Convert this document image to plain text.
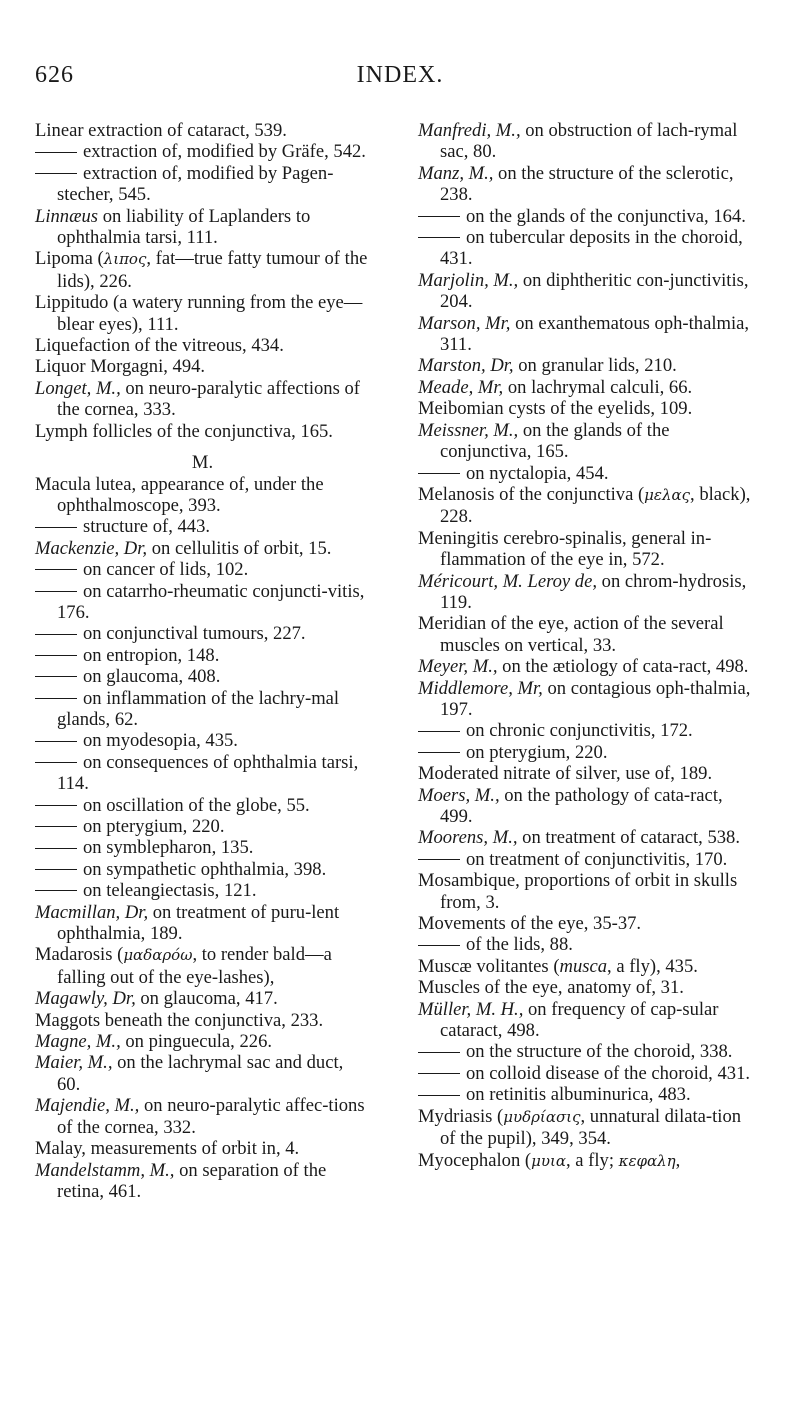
626	INDEX.

Linear extraction of cataract, 539.

extraction of, modified by Gräfe, 542.

extraction of, modified by Pagen-stecher, 545.

Linnæus on liability of Laplanders to ophthalmia tarsi, 111.

Lipoma (λιπος, fat—true fatty tumour of the lids), 226.

Lippitudo (a watery running from the eye—blear eyes), 111.

Liquefaction of the vitreous, 434.

Liquor Morgagni, 494.

Longet, M., on neuro-paralytic affections of the cornea, 333.

Lymph follicles of the conjunctiva, 165.

M.

Macula lutea, appearance of, under the ophthalmoscope, 393.

structure of, 443.

Mackenzie, Dr, on cellulitis of orbit, 15.

on cancer of lids, 102.

on catarrho-rheumatic conjuncti-vitis, 176.

on conjunctival tumours, 227.

on entropion, 148.

on glaucoma, 408.

on inflammation of the lachry-mal glands, 62.

on myodesopia, 435.

on consequences of ophthalmia tarsi, 114.

on oscillation of the globe, 55.

on pterygium, 220.

on symblepharon, 135.

on sympathetic ophthalmia, 398.

on teleangiectasis, 121.

Macmillan, Dr, on treatment of puru-lent ophthalmia, 189.

Madarosis (μαδαρόω, to render bald—a falling out of the eye-lashes),

Magawly, Dr, on glaucoma, 417.

Maggots beneath the conjunctiva, 233.

Magne, M., on pinguecula, 226.

Maier, M., on the lachrymal sac and duct, 60.

Majendie, M., on neuro-paralytic affec-tions of the cornea, 332.

Malay, measurements of orbit in, 4.

Mandelstamm, M., on separation of the retina, 461.

Manfredi, M., on obstruction of lach-rymal sac, 80.

Manz, M., on the structure of the sclerotic, 238.

on the glands of the conjunctiva, 164.

on tubercular deposits in the choroid, 431.

Marjolin, M., on diphtheritic con-junctivitis, 204.

Marson, Mr, on exanthematous oph-thalmia, 311.

Marston, Dr, on granular lids, 210.

Meade, Mr, on lachrymal calculi, 66.

Meibomian cysts of the eyelids, 109.

Meissner, M., on the glands of the conjunctiva, 165.

on nyctalopia, 454.

Melanosis of the conjunctiva (μελας, black), 228.

Meningitis cerebro-spinalis, general in-flammation of the eye in, 572.

Méricourt, M. Leroy de, on chrom-hydrosis, 119.

Meridian of the eye, action of the several muscles on vertical, 33.

Meyer, M., on the ætiology of cata-ract, 498.

Middlemore, Mr, on contagious oph-thalmia, 197.

on chronic conjunctivitis, 172.

on pterygium, 220.

Moderated nitrate of silver, use of, 189.

Moers, M., on the pathology of cata-ract, 499.

Moorens, M., on treatment of cataract, 538.

on treatment of conjunctivitis, 170.

Mosambique, proportions of orbit in skulls from, 3.

Movements of the eye, 35-37.

of the lids, 88.

Muscæ volitantes (musca, a fly), 435.

Muscles of the eye, anatomy of, 31.

Müller, M. H., on frequency of cap-sular cataract, 498.

on the structure of the choroid, 338.

on colloid disease of the choroid, 431.

on retinitis albuminurica, 483.

Mydriasis (μυδρίασις, unnatural dilata-tion of the pupil), 349, 354.

Myocephalon (μυια, a fly; κεφαλη,
